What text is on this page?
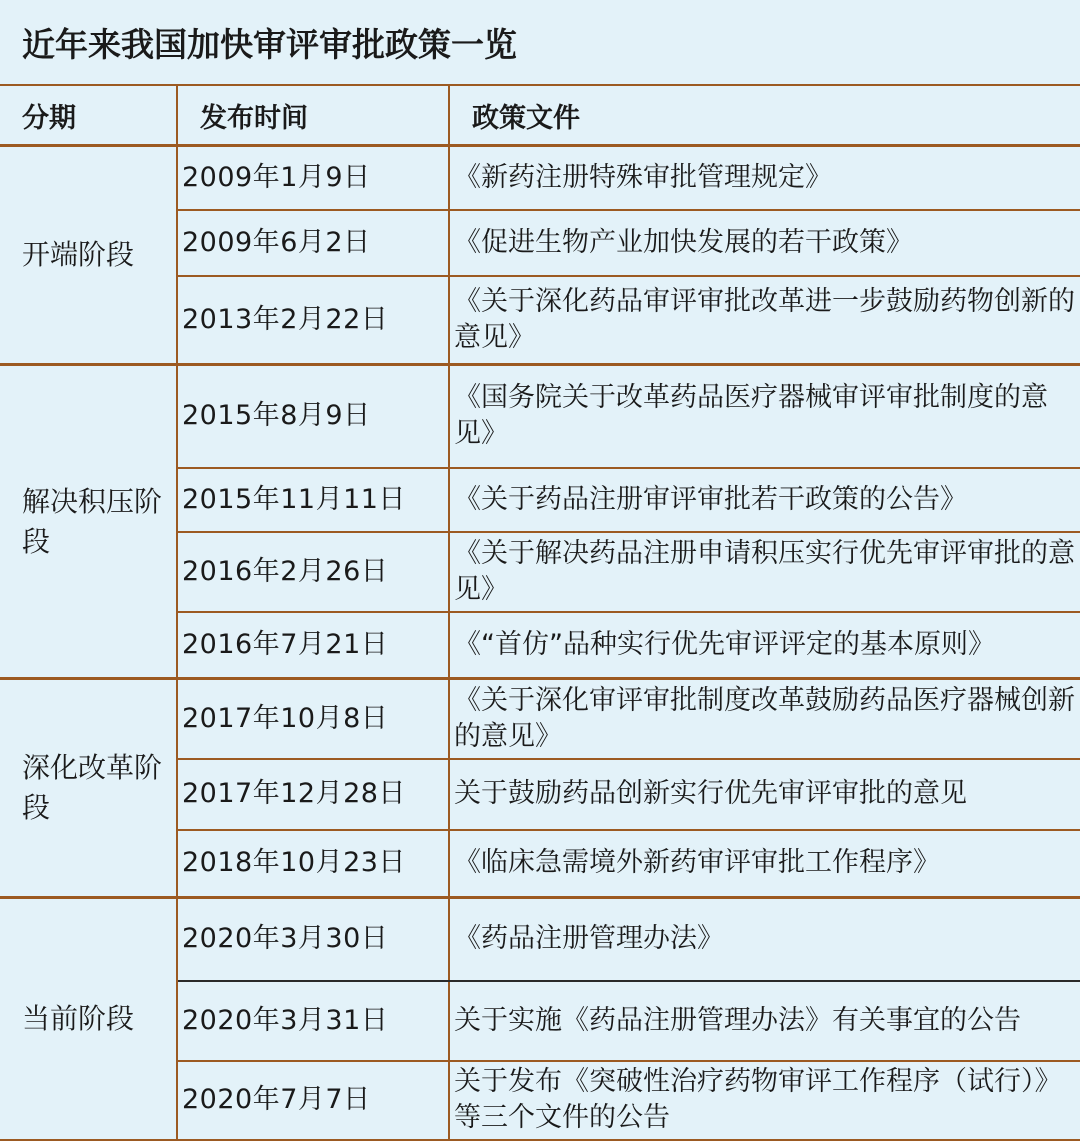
近年来我国加快审评审批政策一览
分期	发布时间	政策文件
开端阶段	2009年1月9日	《新药注册特殊审批管理规定》
	2009年6月2日	《促进生物产业加快发展的若干政策》
	2013年2月22日	《关于深化药品审评审批改革进一步鼓励药物创新的意见》
解决积压阶段	2015年8月9日	《国务院关于改革药品医疗器械审评审批制度的意见》
	2015年11月11日	《关于药品注册审评审批若干政策的公告》
	2016年2月26日	《关于解决药品注册申请积压实行优先审评审批的意见》
	2016年7月21日	《“首仿”品种实行优先审评评定的基本原则》
深化改革阶段	2017年10月8日	《关于深化审评审批制度改革鼓励药品医疗器械创新的意见》
	2017年12月28日	关于鼓励药品创新实行优先审评审批的意见
	2018年10月23日	《临床急需境外新药审评审批工作程序》
当前阶段	2020年3月30日	《药品注册管理办法》
	2020年3月31日	关于实施《药品注册管理办法》有关事宜的公告
	2020年7月7日	关于发布《突破性治疗药物审评工作程序（试行）》等三个文件的公告
